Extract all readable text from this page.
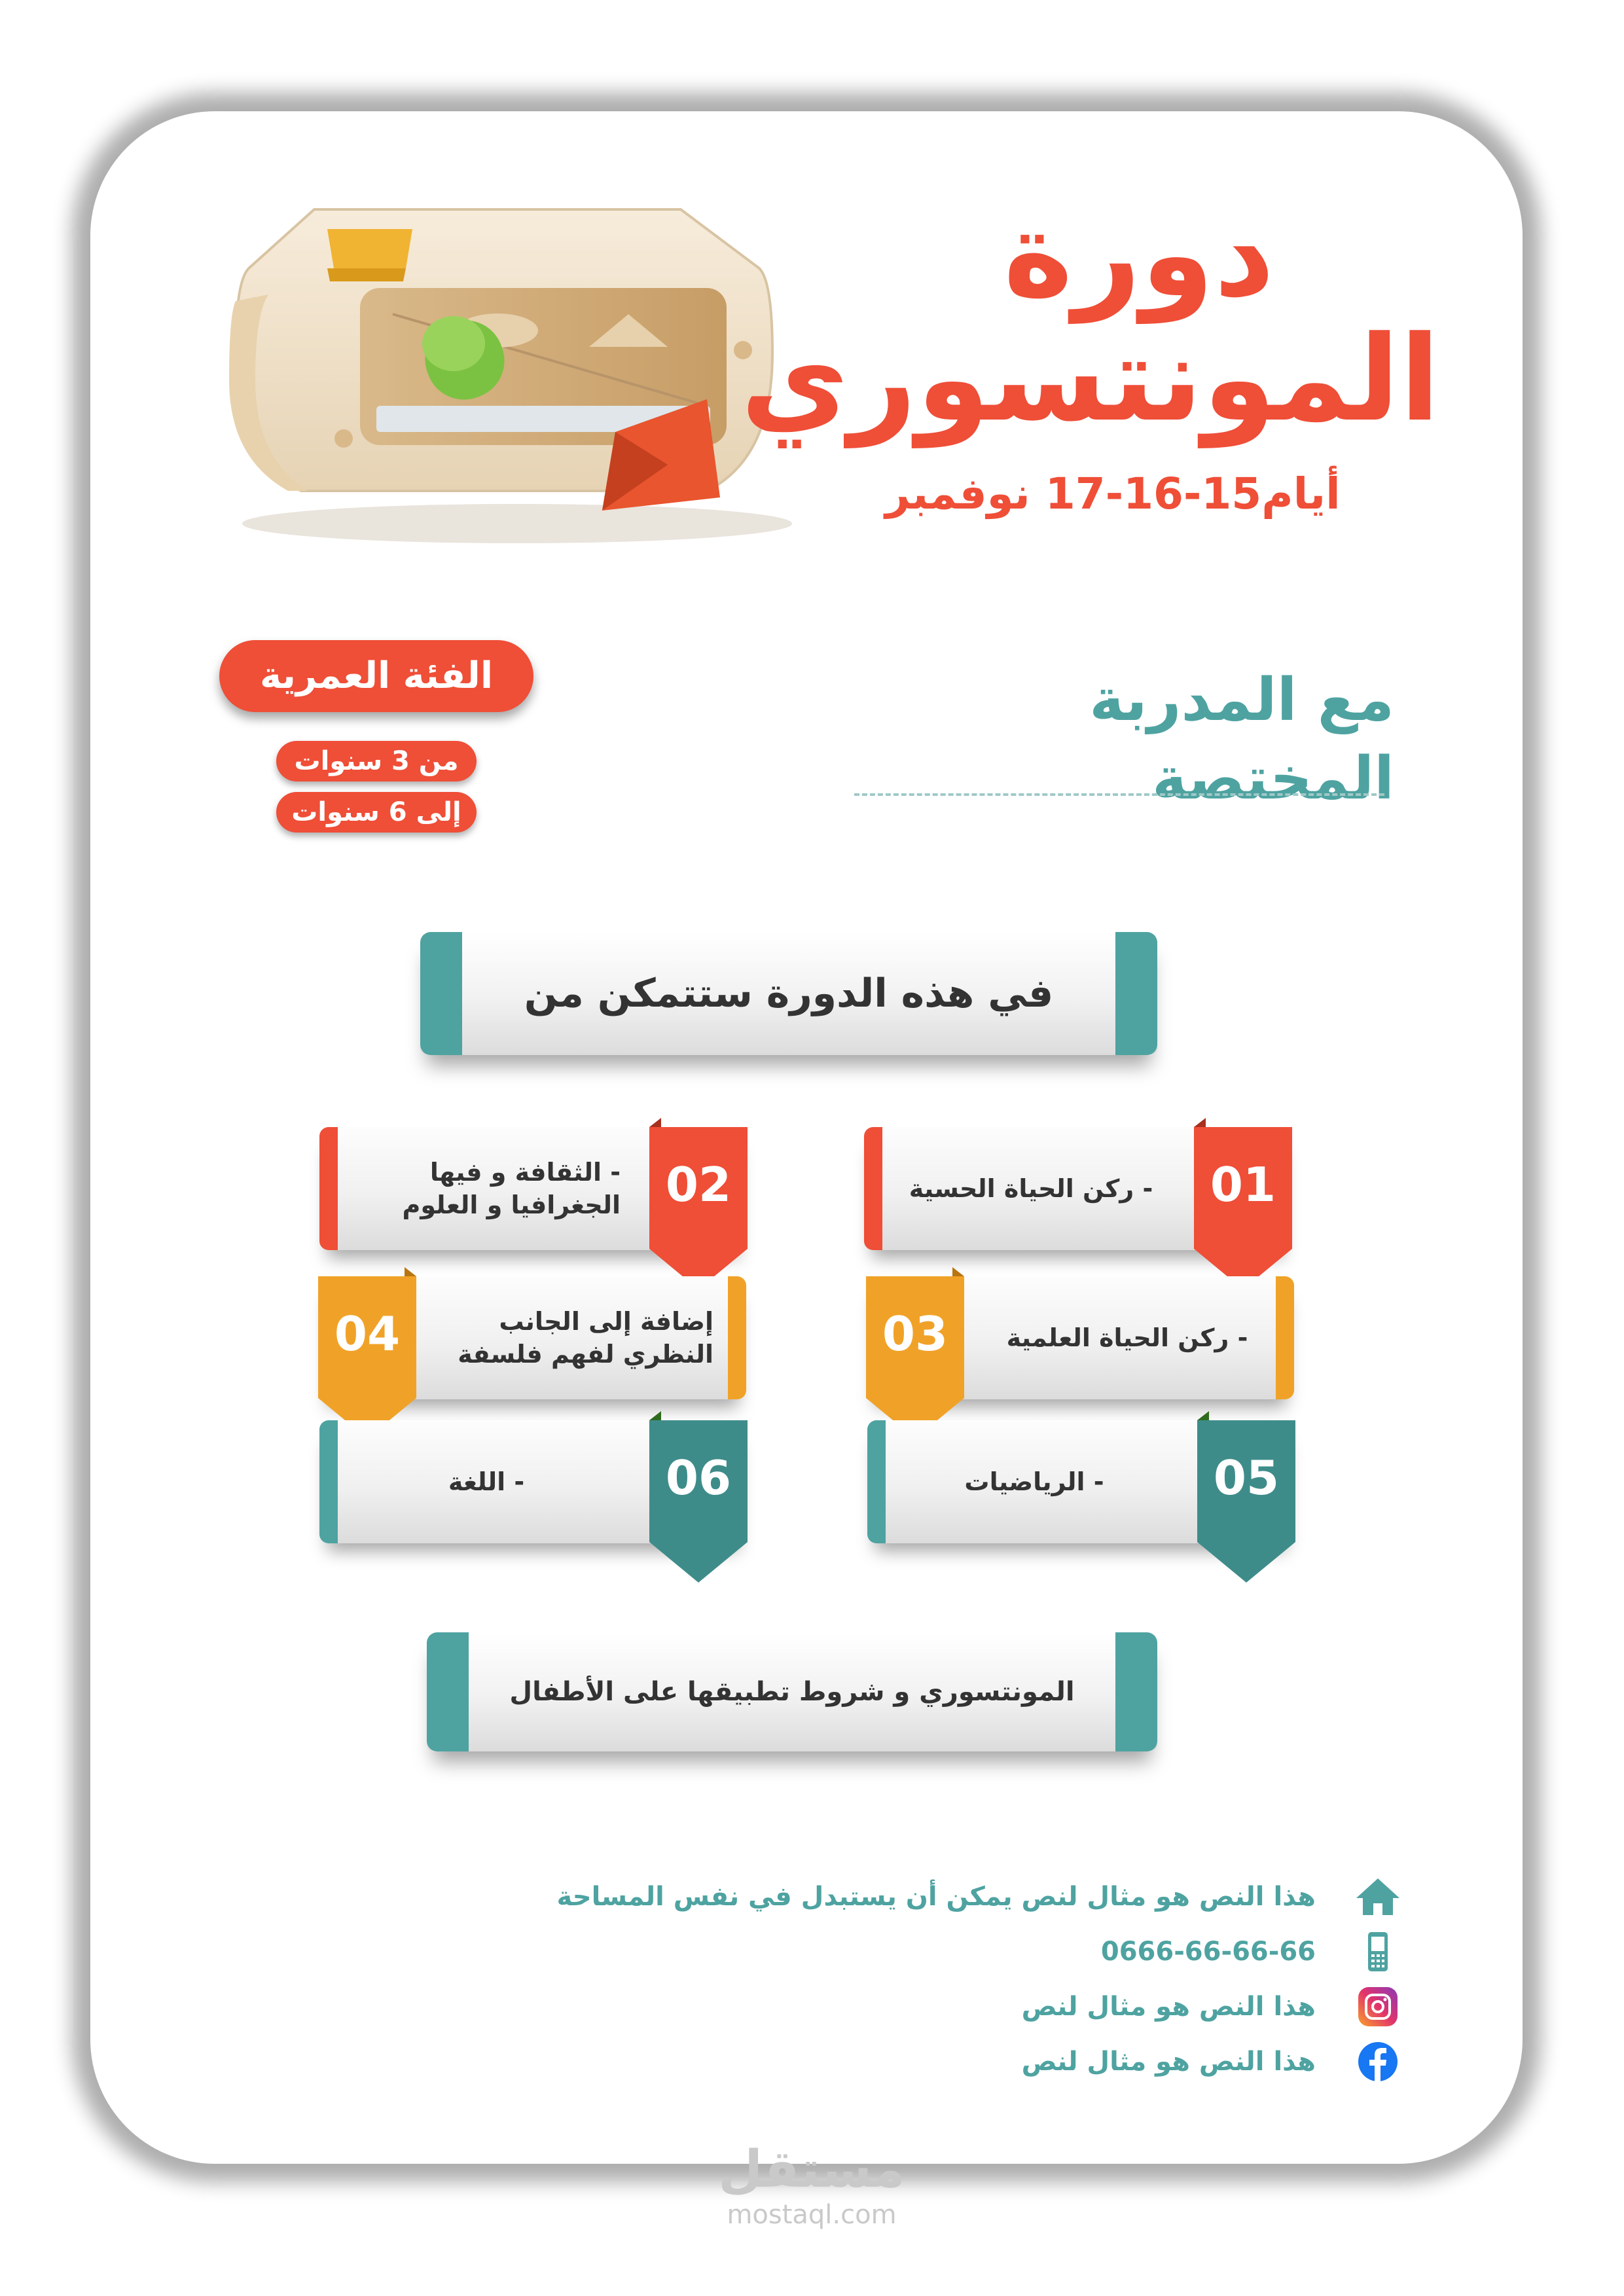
دورة
المونتسوري
أيام15-16-17 نوفمبر
الفئة العمرية
من 3 سنوات
إلى 6 سنوات
مع المدربة المختصة
في هذه الدورة ستتمكن من
- ركن الحياة الحسية	01
- الثقافة و فيها الجغرافيا و العلوم 02
- ركن الحياة العلمية
03
إضافة إلى الجانب النظري لفهم فلسفة
04
- الرياضيات	05
- اللغة	06
المونتسوري و شروط تطبيقها على الأطفال
هذا النص هو مثال لنص يمكن أن يستبدل في نفس المساحة
0666-66-66-66
هذا النص هو مثال لنص
هذا النص هو مثال لنص
مستقل
mostaql.com
